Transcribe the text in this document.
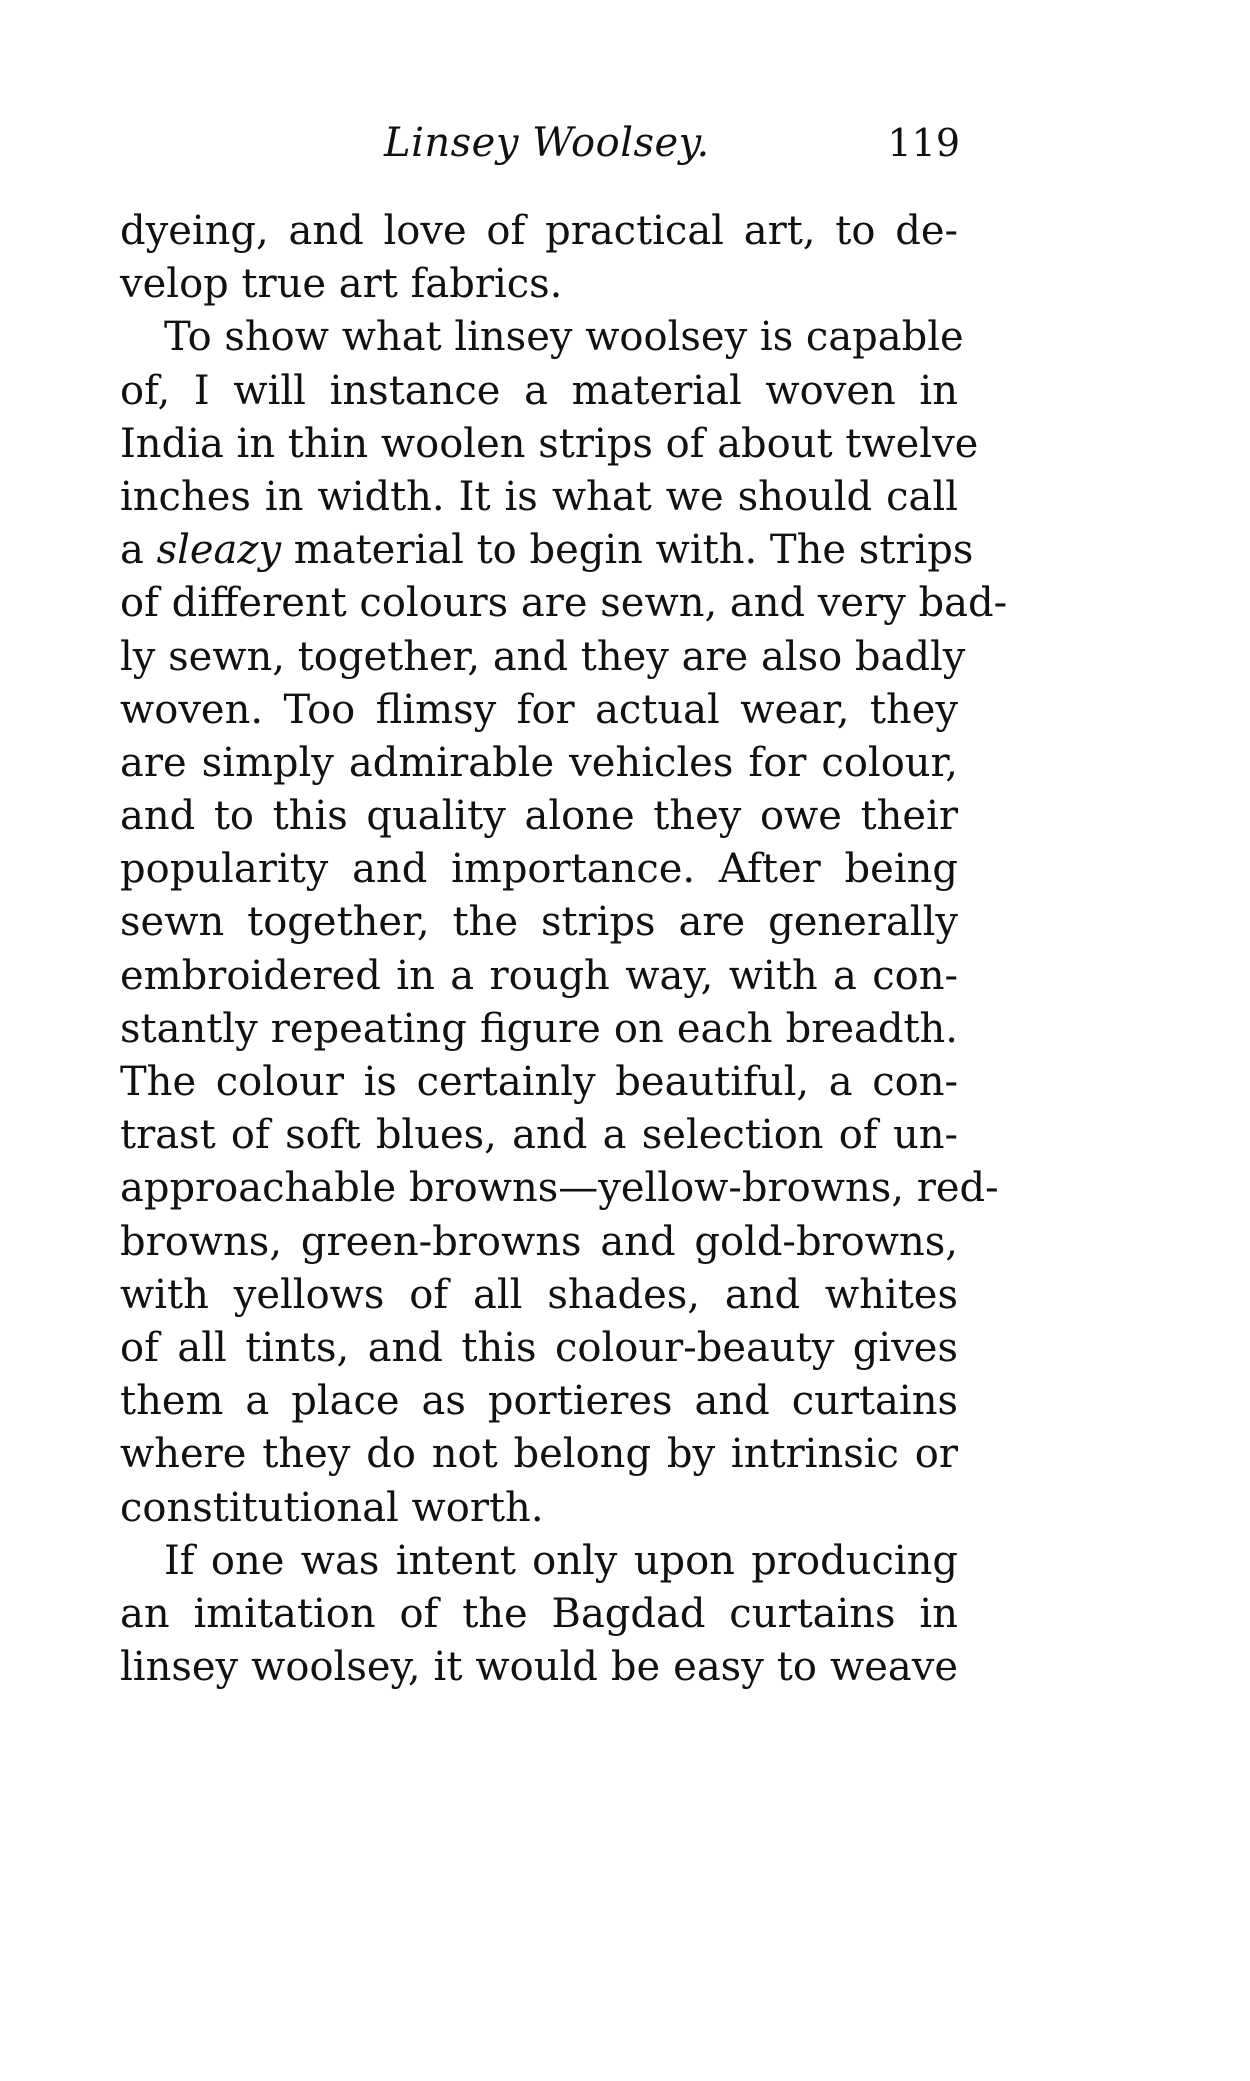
Linsey Woolsey.	119
dyeing, and love of practical art, to de-
velop true art fabrics.
To show what linsey woolsey is capable
of, I will instance a material woven in
India in thin woolen strips of about twelve
inches in width. It is what we should call
a sleazy material to begin with. The strips
of different colours are sewn, and very bad-
ly sewn, together, and they are also badly
woven. Too flimsy for actual wear, they
are simply admirable vehicles for colour,
and to this quality alone they owe their
popularity and importance. After being
sewn together, the strips are generally
embroidered in a rough way, with a con-
stantly repeating figure on each breadth.
The colour is certainly beautiful, a con-
trast of soft blues, and a selection of un-
approachable browns—yellow-browns, red-
browns, green-browns and gold-browns,
with yellows of all shades, and whites
of all tints, and this colour-beauty gives
them a place as portieres and curtains
where they do not belong by intrinsic or
constitutional worth.
If one was intent only upon producing
an imitation of the Bagdad curtains in
linsey woolsey, it would be easy to weave
